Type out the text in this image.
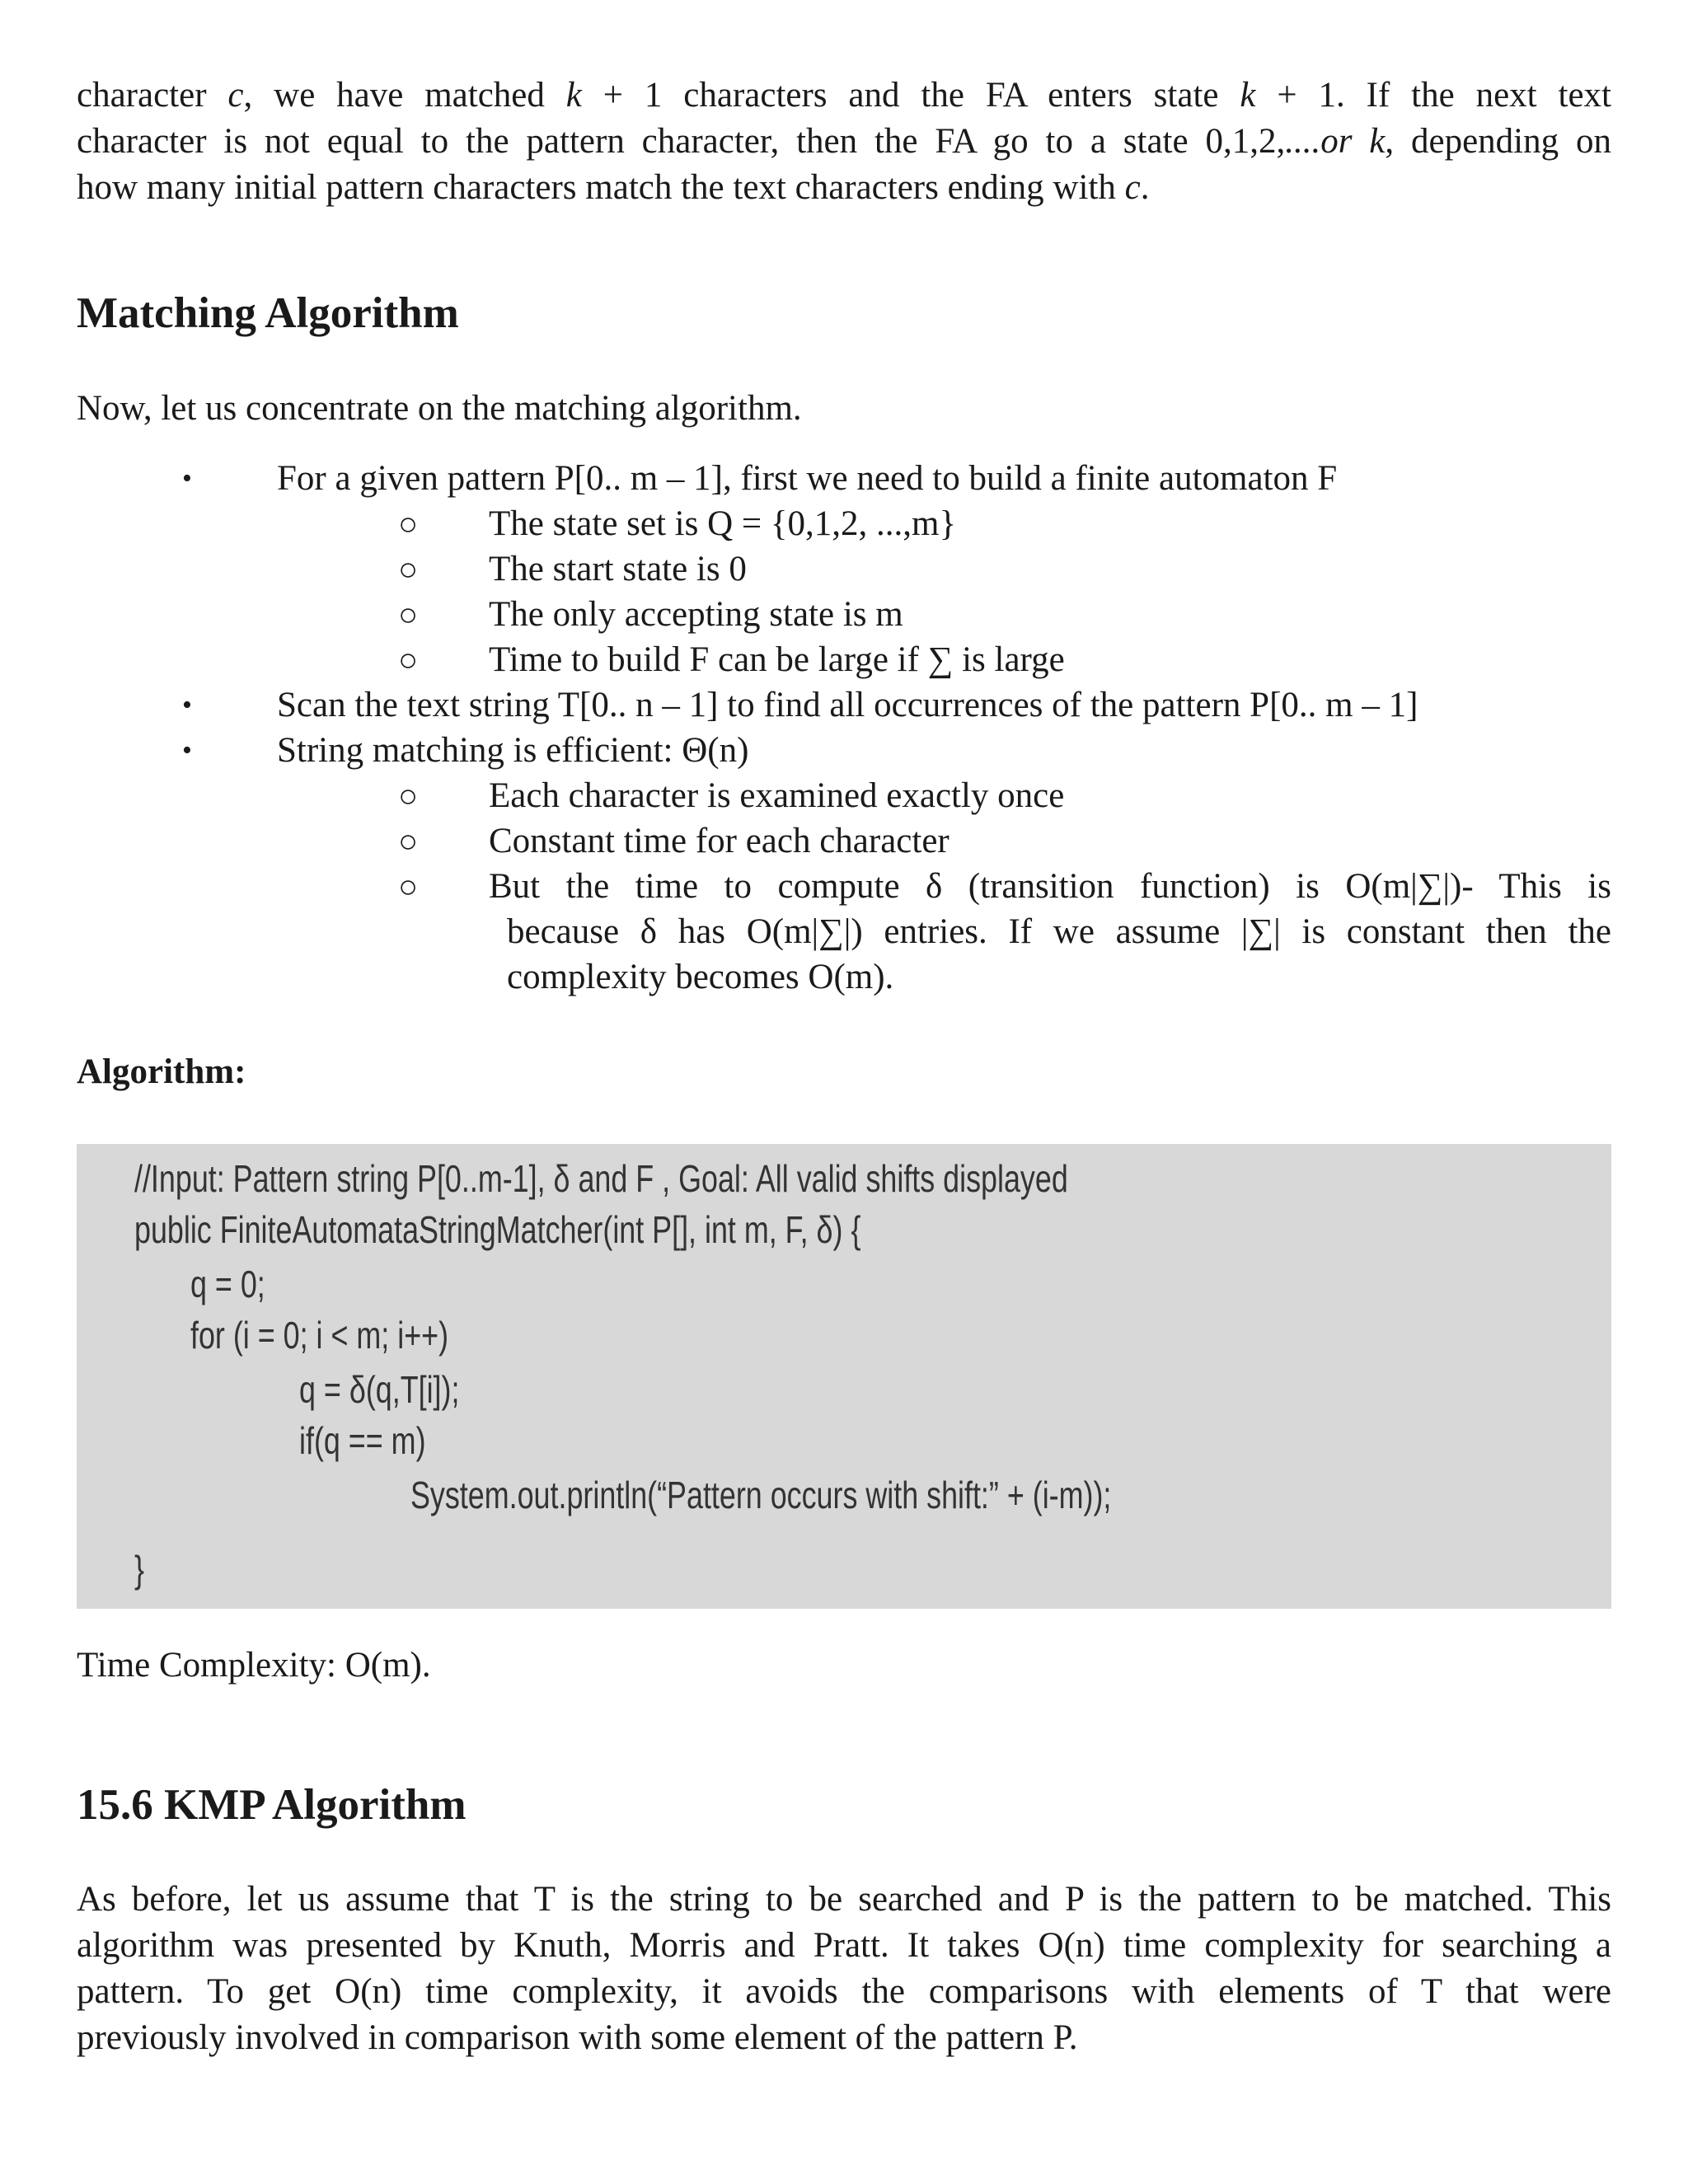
character c, we have matched k + 1 characters and the FA enters state k + 1. If the next text

character is not equal to the pattern character, then the FA go to a state 0,1,2,....or k, depending on

how many initial pattern characters match the text characters ending with c.

Matching Algorithm

Now, let us concentrate on the matching algorithm.

• For a given pattern P[0.. m – 1], first we need to build a finite automaton F
○ The state set is Q = {0,1,2, ...,m}
○ The start state is 0
○ The only accepting state is m
○ Time to build F can be large if ∑ is large
• Scan the text string T[0.. n – 1] to find all occurrences of the pattern P[0.. m – 1]
• String matching is efficient: Θ(n)
○ Each character is examined exactly once
○ Constant time for each character
○ But the time to compute δ (transition function) is O(m|∑|)- This is
because δ has O(m|∑|) entries. If we assume |∑| is constant then the
complexity becomes O(m).

Algorithm:

//Input: Pattern string P[0..m-1], δ and F , Goal: All valid shifts displayed
public FiniteAutomataStringMatcher(int P[], int m, F, δ) {
q = 0;
for (i = 0; i < m; i++)
q = δ(q,T[i]);
if(q == m)
System.out.println(“Pattern occurs with shift:” + (i-m));
}

Time Complexity: O(m).

15.6 KMP Algorithm

As before, let us assume that T is the string to be searched and P is the pattern to be matched. This

algorithm was presented by Knuth, Morris and Pratt. It takes O(n) time complexity for searching a

pattern. To get O(n) time complexity, it avoids the comparisons with elements of T that were

previously involved in comparison with some element of the pattern P.
